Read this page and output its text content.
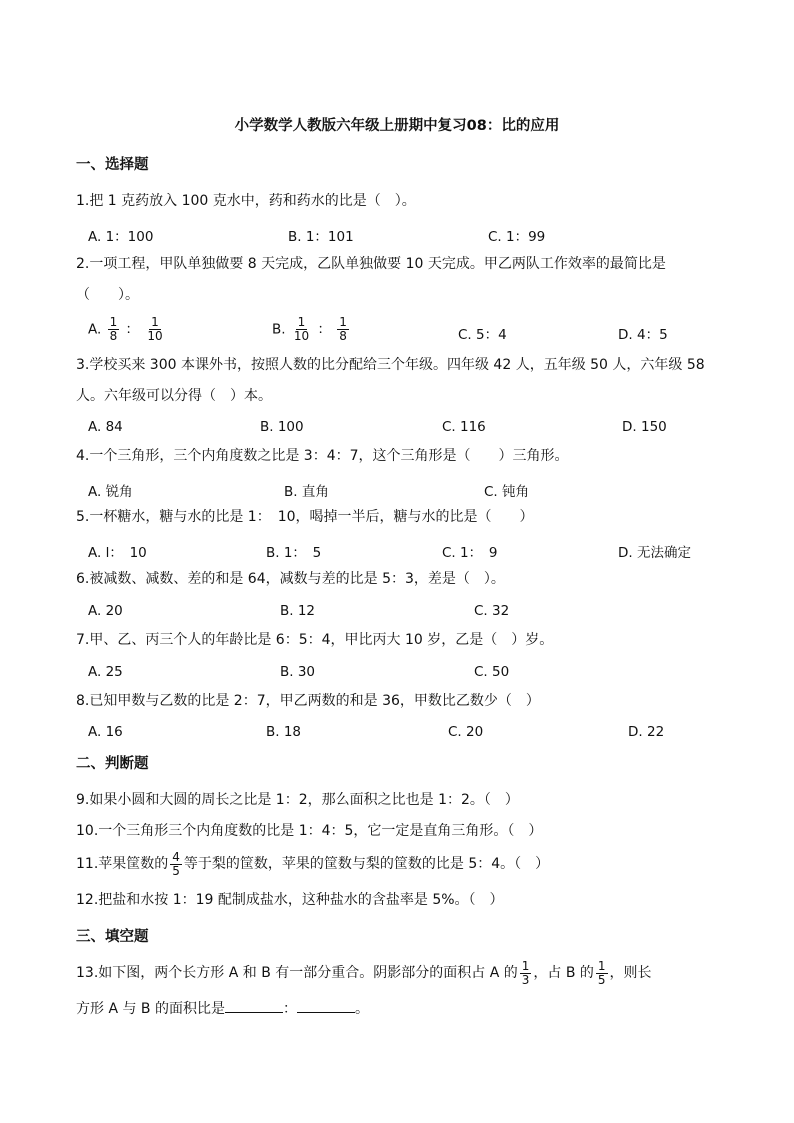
小学数学人教版六年级上册期中复习08：比的应用
一、选择题
1.把 1 克药放入 100 克水中，药和药水的比是（　）。
A. 1：100	B. 1：101	C. 1：99
2.一项工程，甲队单独做要 8 天完成，乙队单独做要 10 天完成。甲乙两队工作效率的最简比是（　　）。
A. $\frac{1}{8}$ ： $\frac{1}{10}$	B. $\frac{1}{10}$ ： $\frac{1}{8}$	C. 5：4	D. 4：5
3.学校买来 300 本课外书，按照人数的比分配给三个年级。四年级 42 人，五年级 50 人，六年级 58 人。六年级可以分得（　）本。
A. 84	B. 100	C. 116	D. 150
4.一个三角形，三个内角度数之比是 3：4：7，这个三角形是（　　）三角形。
A. 锐角	B. 直角	C. 钝角
5.一杯糖水，糖与水的比是 1：　10，喝掉一半后，糖与水的比是（　　）
A. l：　10	B. 1：　5	C. 1：　9	D. 无法确定
6.被减数、减数、差的和是 64，减数与差的比是 5：3，差是（　）。
A. 20	B. 12	C. 32
7.甲、乙、丙三个人的年龄比是 6：5：4，甲比丙大 10 岁，乙是（　）岁。
A. 25	B. 30	C. 50
8.已知甲数与乙数的比是 2：7，甲乙两数的和是 36，甲数比乙数少（　）
A. 16	B. 18	C. 20	D. 22
二、判断题
9.如果小圆和大圆的周长之比是 1：2，那么面积之比也是 1：2。（　）
10.一个三角形三个内角度数的比是 1：4：5，它一定是直角三角形。（　）
11.苹果筐数的 $\frac{4}{5}$ 等于梨的筐数，苹果的筐数与梨的筐数的比是 5：4。（　）
12.把盐和水按 1：19 配制成盐水，这种盐水的含盐率是 5%。（　）
三、填空题
13.如下图，两个长方形 A 和 B 有一部分重合。阴影部分的面积占 A 的 $\frac{1}{3}$ ，占 B 的 $\frac{1}{5}$ ，则长
方形 A 与 B 的面积比是	：	。
